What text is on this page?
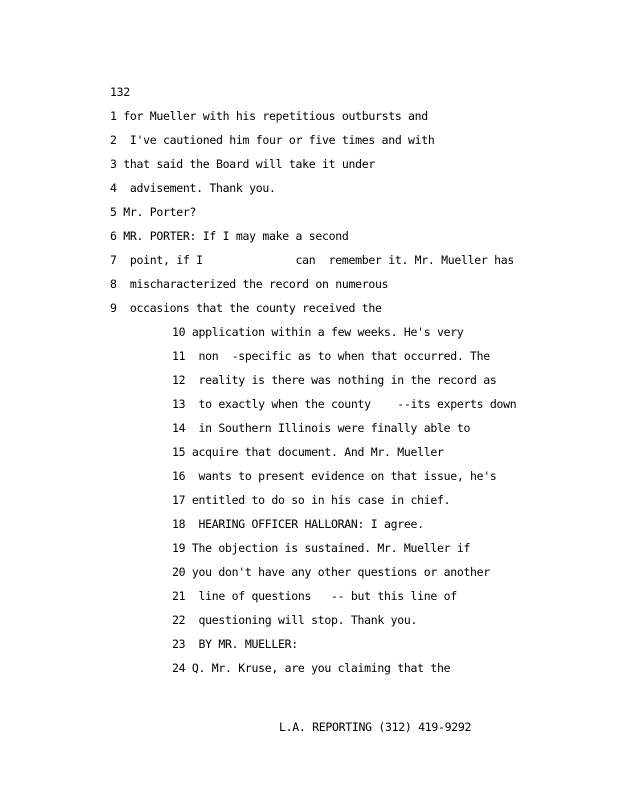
132
1 for Mueller with his repetitious outbursts and
2  I've cautioned him four or five times and with
3 that said the Board will take it under
4  advisement. Thank you.
5 Mr. Porter?
6 MR. PORTER: If I may make a second
7  point, if I              can  remember it. Mr. Mueller has
8  mischaracterized the record on numerous
9  occasions that the county received the
10 application within a few weeks. He's very
11  non  -specific as to when that occurred. The
12  reality is there was nothing in the record as
13  to exactly when the county    --its experts down
14  in Southern Illinois were finally able to
15 acquire that document. And Mr. Mueller
16  wants to present evidence on that issue, he's
17 entitled to do so in his case in chief.
18  HEARING OFFICER HALLORAN: I agree.
19 The objection is sustained. Mr. Mueller if
20 you don't have any other questions or another
21  line of questions   -- but this line of
22  questioning will stop. Thank you.
23  BY MR. MUELLER:
24 Q. Mr. Kruse, are you claiming that the
L.A. REPORTING (312) 419-9292
